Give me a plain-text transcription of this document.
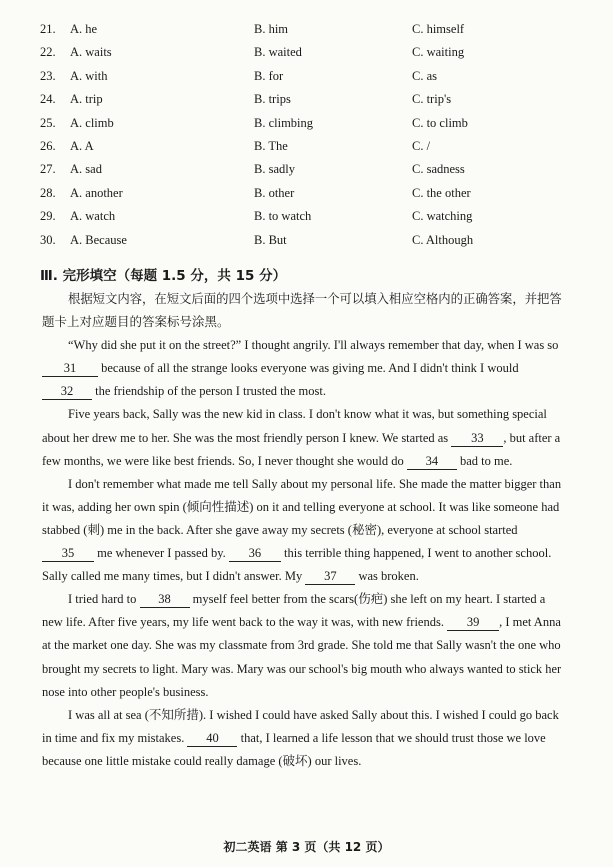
21. A. he	B. him	C. himself
22. A. waits	B. waited	C. waiting
23. A. with	B. for	C. as
24. A. trip	B. trips	C. trip's
25. A. climb	B. climbing	C. to climb
26. A. A	B. The	C. /
27. A. sad	B. sadly	C. sadness
28. A. another	B. other	C. the other
29. A. watch	B. to watch	C. watching
30. A. Because	B. But	C. Although
Ⅲ. 完形填空（每题 1.5 分，共 15 分）
根据短文内容，在短文后面的四个选项中选择一个可以填入相应空格内的正确答案，并把答
题卡上对应题目的答案标号涂黑。
“Why did she put it on the street?” I thought angrily. I'll always remember that day, when I was so
31 because of all the strange looks everyone was giving me. And I didn't think I would
32 the friendship of the person I trusted the most.
Five years back, Sally was the new kid in class. I don't know what it was, but something special
about her drew me to her. She was the most friendly person I knew. We started as 33 , but after a
few months, we were like best friends. So, I never thought she would do 34 bad to me.
I don't remember what made me tell Sally about my personal life. She made the matter bigger than
it was, adding her own spin (倾向性描述) on it and telling everyone at school. It was like someone had
stabbed (刺) me in the back. After she gave away my secrets (秘密), everyone at school started
35 me whenever I passed by. 36 this terrible thing happened, I went to another school.
Sally called me many times, but I didn't answer. My 37 was broken.
I tried hard to 38 myself feel better from the scars(伤疤) she left on my heart. I started a
new life. After five years, my life went back to the way it was, with new friends. 39 , I met Anna
at the market one day. She was my classmate from 3rd grade. She told me that Sally wasn't the one who
brought my secrets to light. Mary was. Mary was our school's big mouth who always wanted to stick her
nose into other people's business.
I was all at sea (不知所措). I wished I could have asked Sally about this. I wished I could go back
in time and fix my mistakes. 40 that, I learned a life lesson that we should trust those we love
because one little mistake could really damage (破坏) our lives.
初二英语 第 3 页（共 12 页）
